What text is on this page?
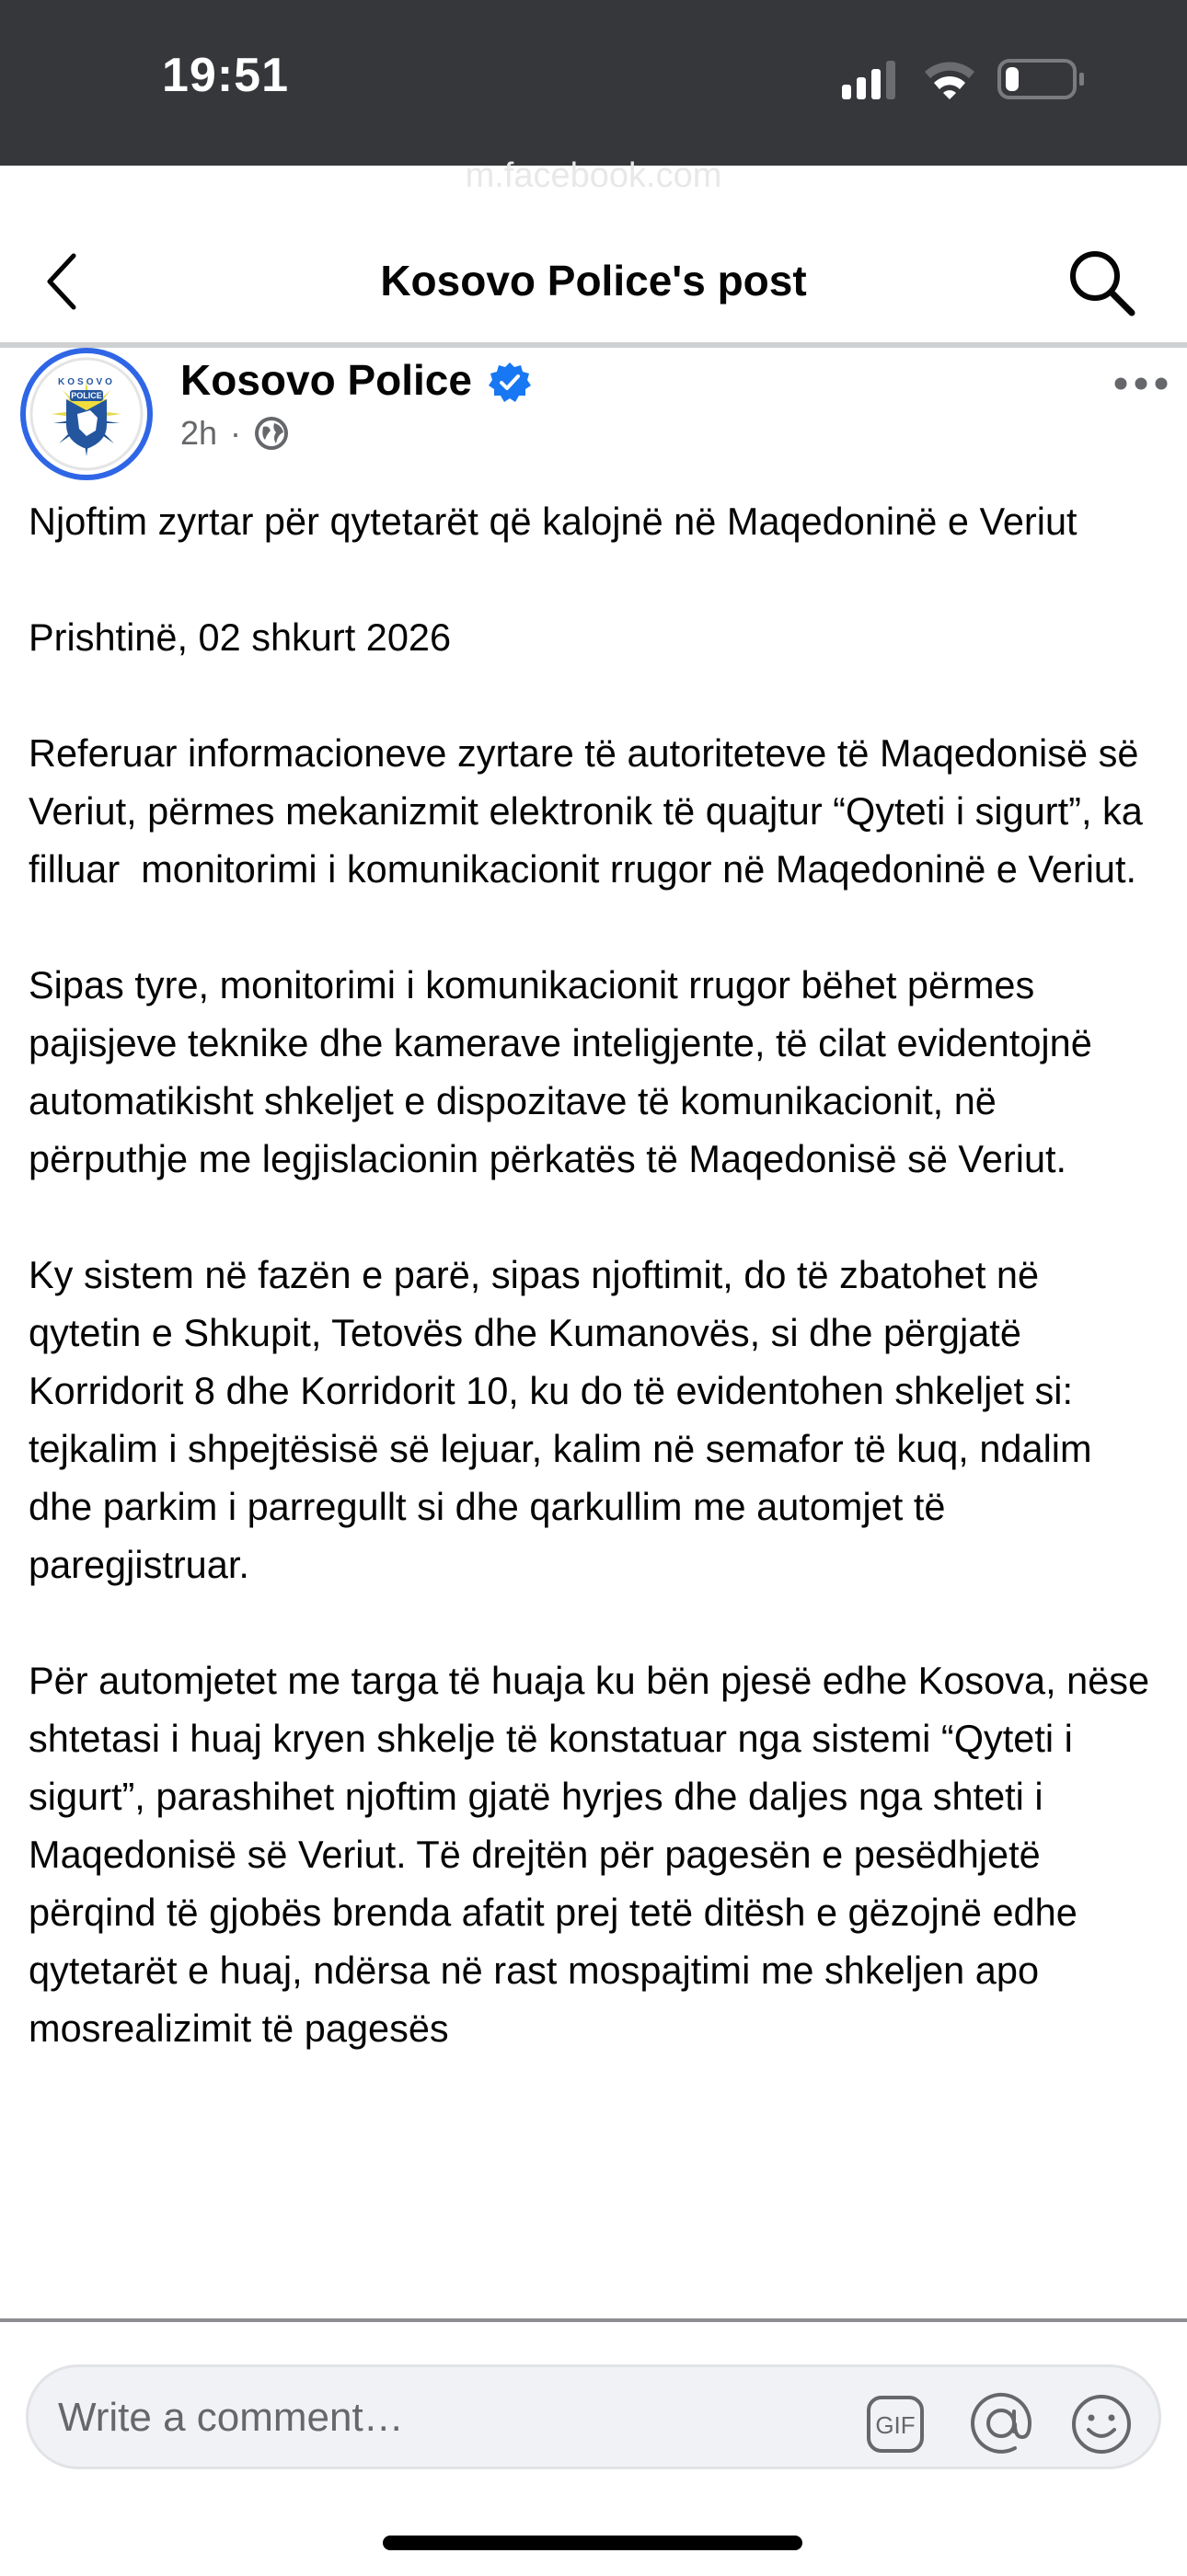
19:51
m.facebook.com
Kosovo Police's post
POLICE
KOSOVO Kosovo Police
2h ·

Njoftim zyrtar për qytetarët që kalojnë në Maqedoninë e Veriut

Prishtinë, 02 shkurt 2026

Referuar informacioneve zyrtare të autoriteteve të Maqedonisë së Veriut, përmes mekanizmit elektronik të quajtur “Qyteti i sigurt”, ka filluar  monitorimi i komunikacionit rrugor në Maqedoninë e Veriut.

Sipas tyre, monitorimi i komunikacionit rrugor bëhet përmes pajisjeve teknike dhe kamerave inteligjente, të cilat evidentojnë automatikisht shkeljet e dispozitave të komunikacionit, në përputhje me legjislacionin përkatës të Maqedonisë së Veriut.

Ky sistem në fazën e parë, sipas njoftimit, do të zbatohet në qytetin e Shkupit, Tetovës dhe Kumanovës, si dhe përgjatë Korridorit 8 dhe Korridorit 10, ku do të evidentohen shkeljet si: tejkalim i shpejtësisë së lejuar, kalim në semafor të kuq, ndalim dhe parkim i parregullt si dhe qarkullim me automjet të paregjistruar.

Për automjetet me targa të huaja ku bën pjesë edhe Kosova, nëse shtetasi i huaj kryen shkelje të konstatuar nga sistemi “Qyteti i sigurt”, parashihet njoftim gjatë hyrjes dhe daljes nga shteti i Maqedonisë së Veriut. Të drejtën për pagesën e pesëdhjetë përqind të gjobës brenda afatit prej tetë ditësh e gëzojnë edhe qytetarët e huaj, ndërsa në rast mospajtimi me shkeljen apo mosrealizimit të pagesës

Write a comment…	GIF
